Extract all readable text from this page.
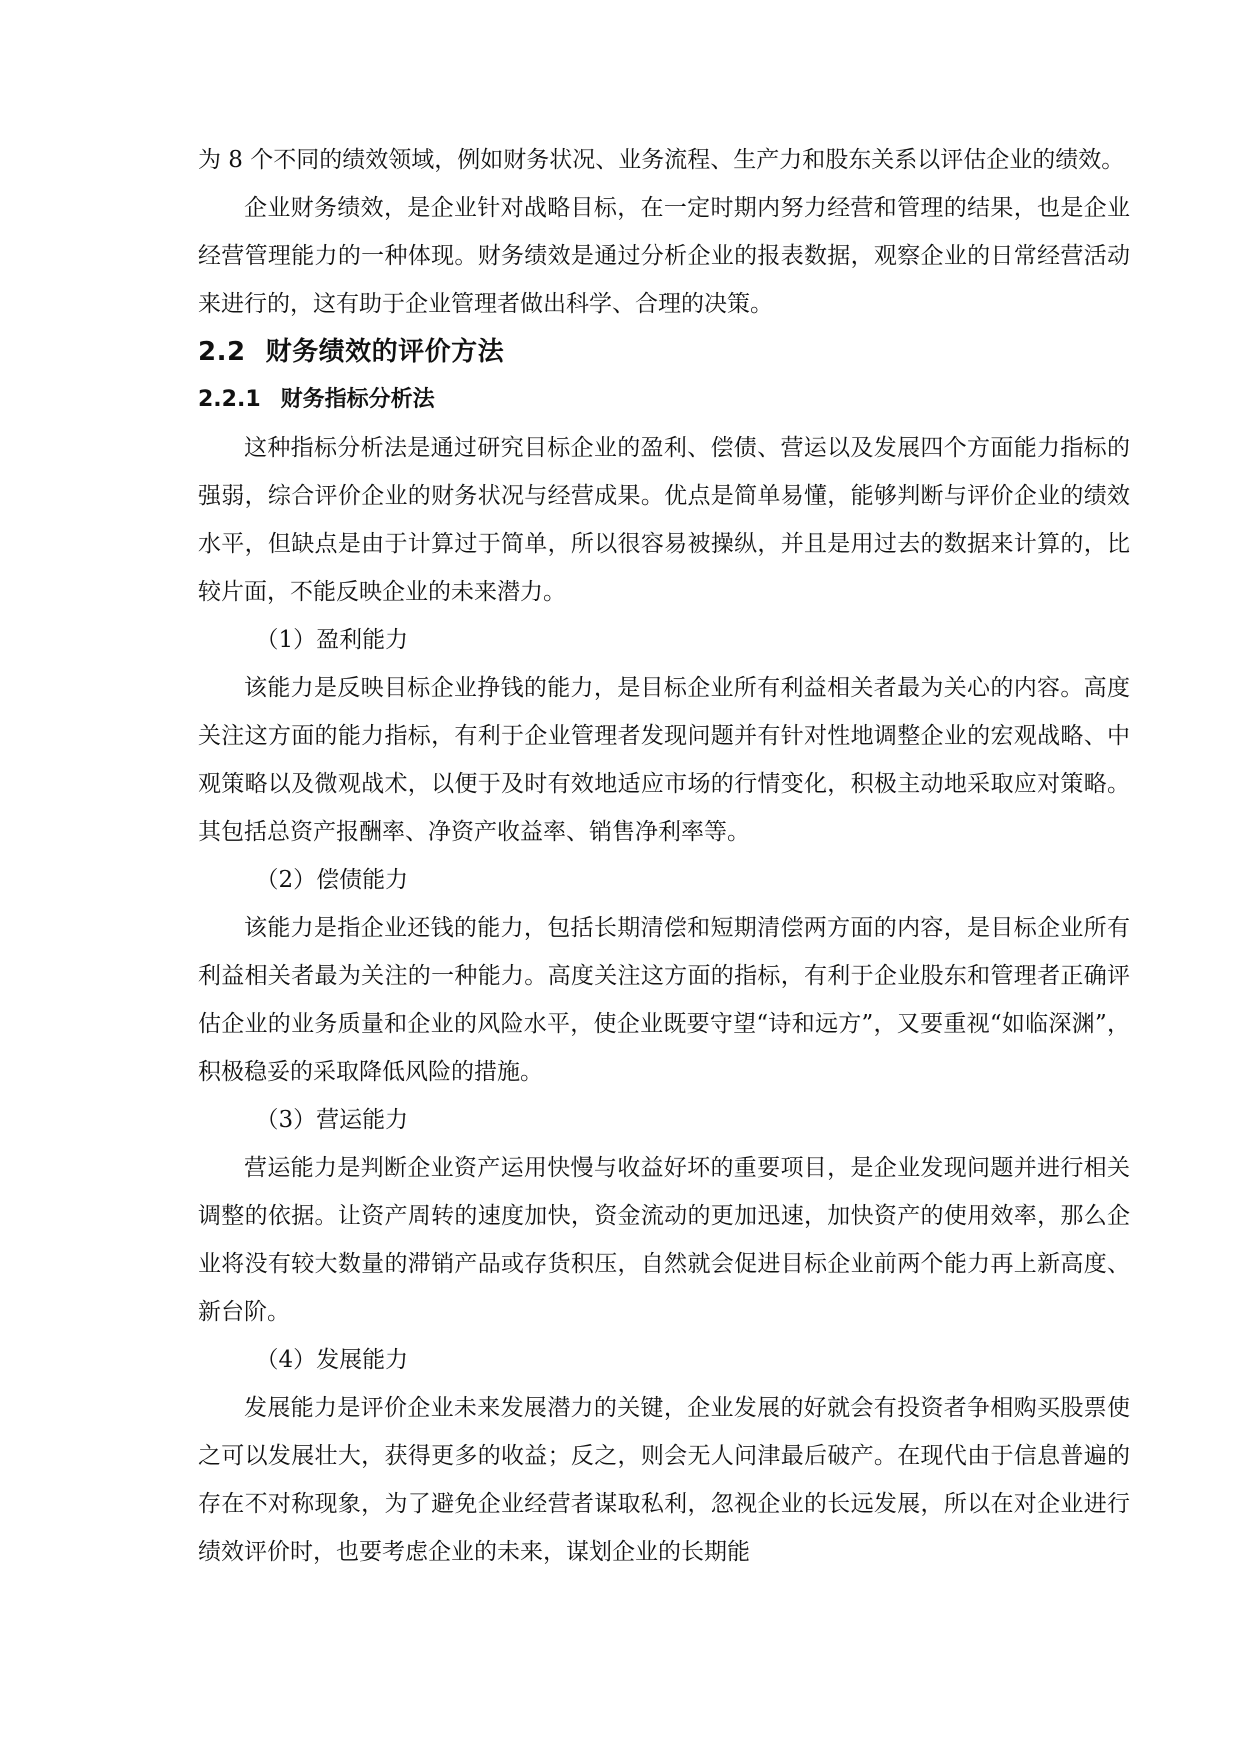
为 8 个不同的绩效领域，例如财务状况、业务流程、生产力和股东关系以评估企业的绩效。

企业财务绩效，是企业针对战略目标，在一定时期内努力经营和管理的结果，也是企业经营管理能力的一种体现。财务绩效是通过分析企业的报表数据，观察企业的日常经营活动来进行的，这有助于企业管理者做出科学、合理的决策。

2.2 财务绩效的评价方法
2.2.1 财务指标分析法

这种指标分析法是通过研究目标企业的盈利、偿债、营运以及发展四个方面能力指标的强弱，综合评价企业的财务状况与经营成果。优点是简单易懂，能够判断与评价企业的绩效水平，但缺点是由于计算过于简单，所以很容易被操纵，并且是用过去的数据来计算的，比较片面，不能反映企业的未来潜力。

（1）盈利能力

该能力是反映目标企业挣钱的能力，是目标企业所有利益相关者最为关心的内容。高度关注这方面的能力指标，有利于企业管理者发现问题并有针对性地调整企业的宏观战略、中观策略以及微观战术，以便于及时有效地适应市场的行情变化，积极主动地采取应对策略。其包括总资产报酬率、净资产收益率、销售净利率等。

（2）偿债能力

该能力是指企业还钱的能力，包括长期清偿和短期清偿两方面的内容，是目标企业所有利益相关者最为关注的一种能力。高度关注这方面的指标，有利于企业股东和管理者正确评估企业的业务质量和企业的风险水平，使企业既要守望“诗和远方”，又要重视“如临深渊”，积极稳妥的采取降低风险的措施。

（3）营运能力

营运能力是判断企业资产运用快慢与收益好坏的重要项目，是企业发现问题并进行相关调整的依据。让资产周转的速度加快，资金流动的更加迅速，加快资产的使用效率，那么企业将没有较大数量的滞销产品或存货积压，自然就会促进目标企业前两个能力再上新高度、新台阶。

（4）发展能力

发展能力是评价企业未来发展潜力的关键，企业发展的好就会有投资者争相购买股票使之可以发展壮大，获得更多的收益；反之，则会无人问津最后破产。在现代由于信息普遍的存在不对称现象，为了避免企业经营者谋取私利，忽视企业的长远发展，所以在对企业进行绩效评价时，也要考虑企业的未来，谋划企业的长期能
